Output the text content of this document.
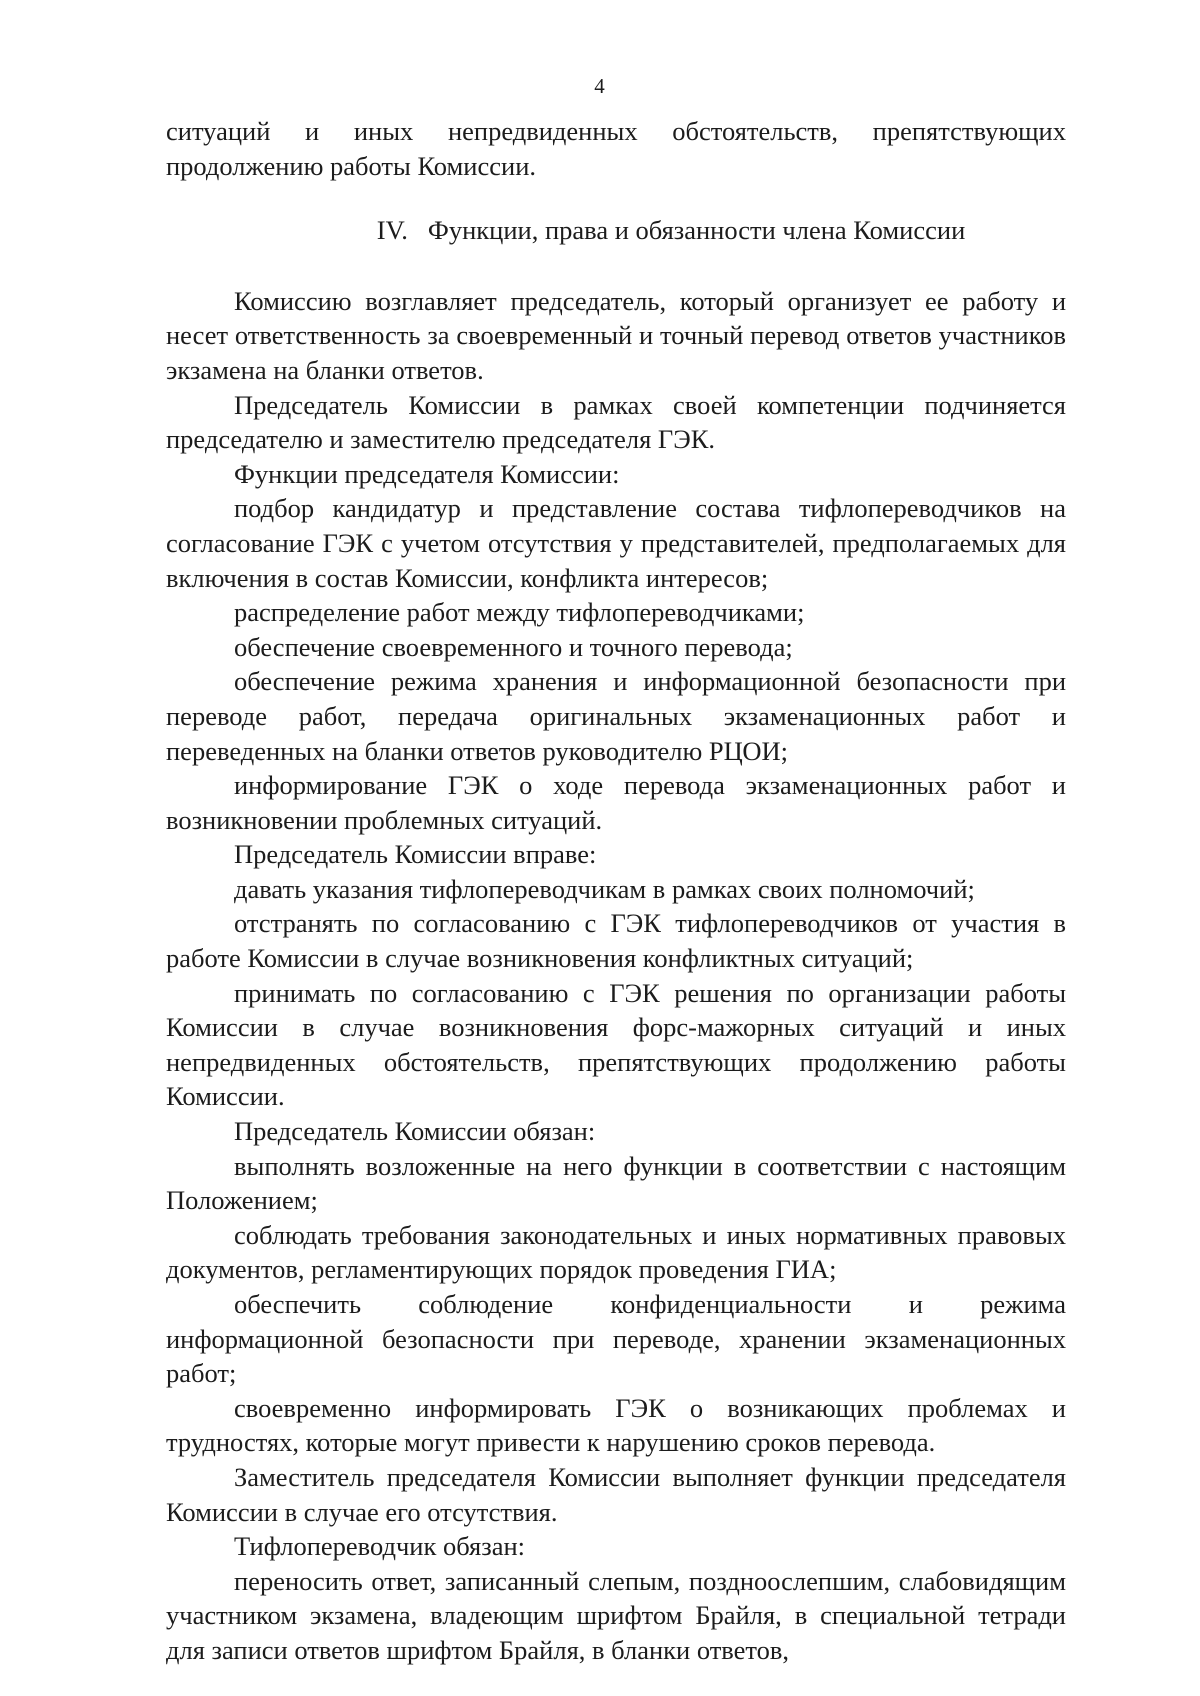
4

ситуаций и иных непредвиденных обстоятельств, препятствующих продолжению работы Комиссии.

IV. Функции, права и обязанности члена Комиссии

Комиссию возглавляет председатель, который организует ее работу и несет ответственность за своевременный и точный перевод ответов участников экзамена на бланки ответов.

Председатель Комиссии в рамках своей компетенции подчиняется председателю и заместителю председателя ГЭК.

Функции председателя Комиссии:

подбор кандидатур и представление состава тифлопереводчиков на согласование ГЭК с учетом отсутствия у представителей, предполагаемых для включения в состав Комиссии, конфликта интересов;

распределение работ между тифлопереводчиками;

обеспечение своевременного и точного перевода;

обеспечение режима хранения и информационной безопасности при переводе работ, передача оригинальных экзаменационных работ и переведенных на бланки ответов руководителю РЦОИ;

информирование ГЭК о ходе перевода экзаменационных работ и возникновении проблемных ситуаций.

Председатель Комиссии вправе:

давать указания тифлопереводчикам в рамках своих полномочий;

отстранять по согласованию с ГЭК тифлопереводчиков от участия в работе Комиссии в случае возникновения конфликтных ситуаций;

принимать по согласованию с ГЭК решения по организации работы Комиссии в случае возникновения форс-мажорных ситуаций и иных непредвиденных обстоятельств, препятствующих продолжению работы Комиссии.

Председатель Комиссии обязан:

выполнять возложенные на него функции в соответствии с настоящим Положением;

соблюдать требования законодательных и иных нормативных правовых документов, регламентирующих порядок проведения ГИА;

обеспечить соблюдение конфиденциальности и режима информационной безопасности при переводе, хранении экзаменационных работ;

своевременно информировать ГЭК о возникающих проблемах и трудностях, которые могут привести к нарушению сроков перевода.

Заместитель председателя Комиссии выполняет функции председателя Комиссии в случае его отсутствия.

Тифлопереводчик обязан:

переносить ответ, записанный слепым, поздноослепшим, слабовидящим участником экзамена, владеющим шрифтом Брайля, в специальной тетради для записи ответов шрифтом Брайля, в бланки ответов,
